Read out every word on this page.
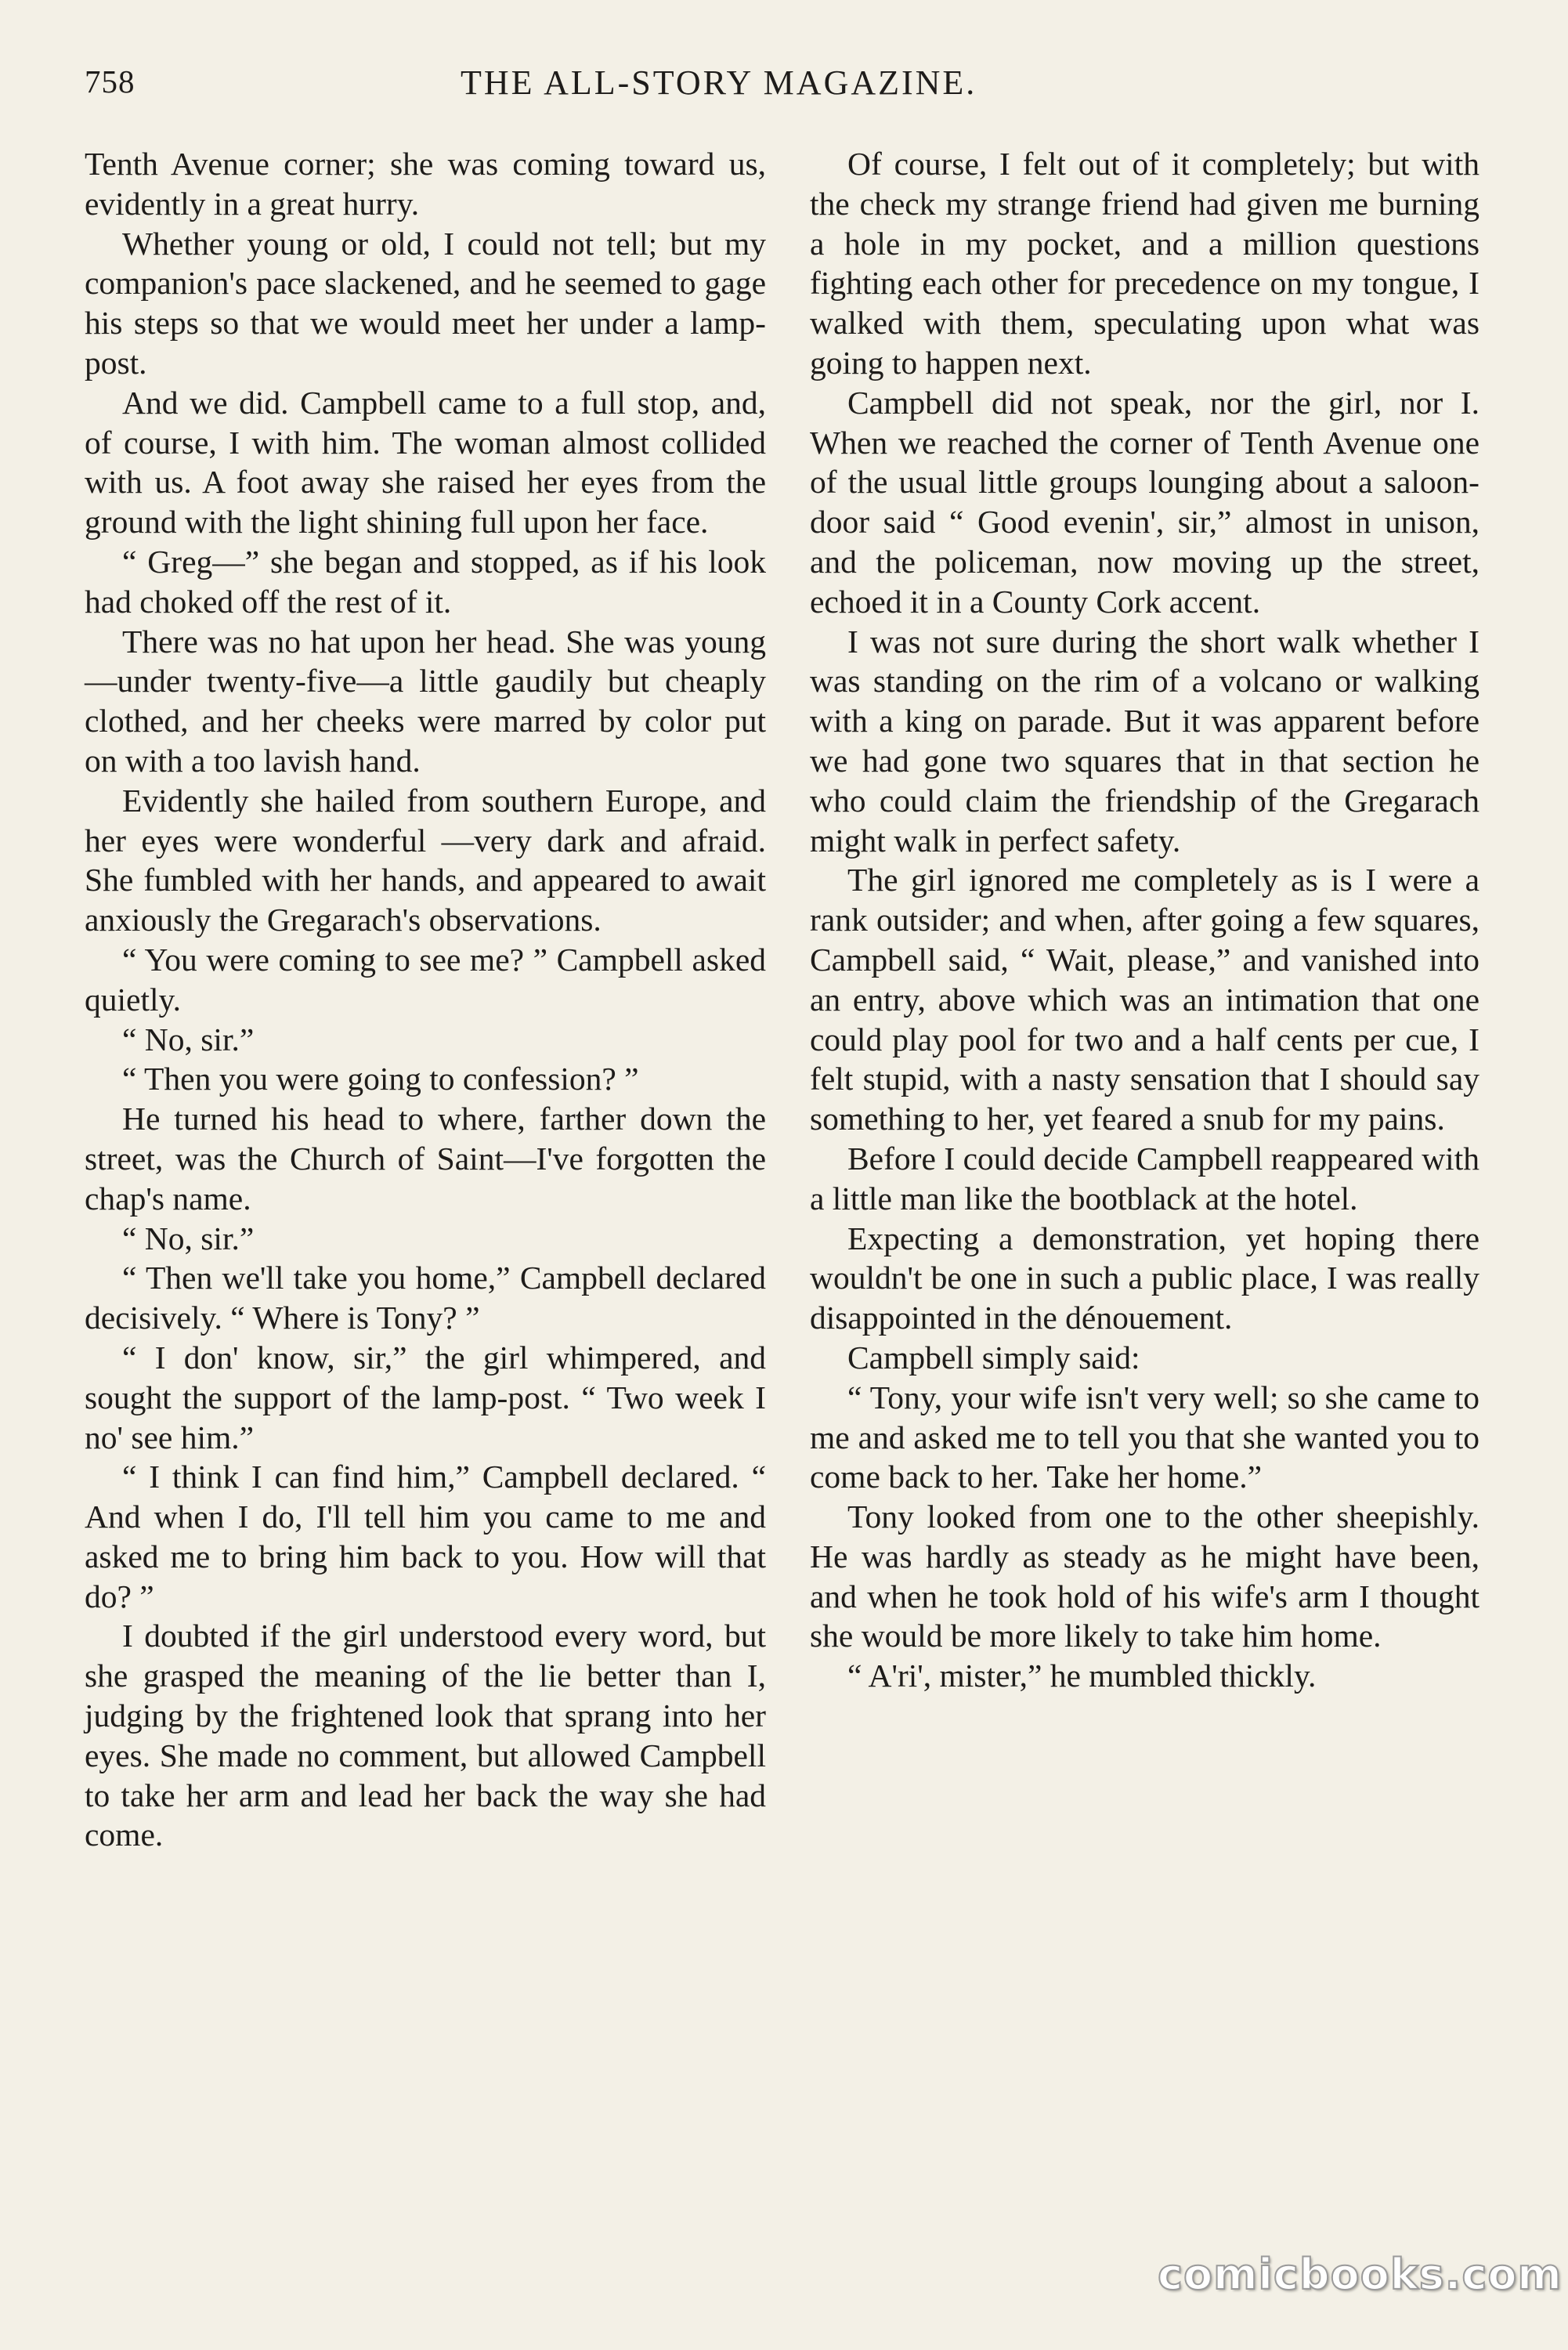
758	THE ALL-STORY MAGAZINE.

Tenth Avenue corner; she was coming toward us, evidently in a great hurry.

Whether young or old, I could not tell; but my companion's pace slackened, and he seemed to gage his steps so that we would meet her under a lamp-post.

And we did. Campbell came to a full stop, and, of course, I with him. The woman almost collided with us. A foot away she raised her eyes from the ground with the light shining full upon her face.

“ Greg—” she began and stopped, as if his look had choked off the rest of it.

There was no hat upon her head. She was young—under twenty-five—a little gaudily but cheaply clothed, and her cheeks were marred by color put on with a too lavish hand.

Evidently she hailed from southern Europe, and her eyes were wonderful —very dark and afraid. She fumbled with her hands, and appeared to await anxiously the Gregarach's observations.

“ You were coming to see me? ” Campbell asked quietly.

“ No, sir.”

“ Then you were going to confession? ”

He turned his head to where, farther down the street, was the Church of Saint—I've forgotten the chap's name.

“ No, sir.”

“ Then we'll take you home,” Campbell declared decisively. “ Where is Tony? ”

“ I don' know, sir,” the girl whimpered, and sought the support of the lamp-post. “ Two week I no' see him.”

“ I think I can find him,” Campbell declared. “ And when I do, I'll tell him you came to me and asked me to bring him back to you. How will that do? ”

I doubted if the girl understood every word, but she grasped the meaning of the lie better than I, judging by the frightened look that sprang into her eyes. She made no comment, but allowed Campbell to take her arm and lead her back the way she had come.

Of course, I felt out of it completely; but with the check my strange friend had given me burning a hole in my pocket, and a million questions fighting each other for precedence on my tongue, I walked with them, speculating upon what was going to happen next.

Campbell did not speak, nor the girl, nor I. When we reached the corner of Tenth Avenue one of the usual little groups lounging about a saloon-door said “ Good evenin', sir,” almost in unison, and the policeman, now moving up the street, echoed it in a County Cork accent.

I was not sure during the short walk whether I was standing on the rim of a volcano or walking with a king on parade. But it was apparent before we had gone two squares that in that section he who could claim the friendship of the Gregarach might walk in perfect safety.

The girl ignored me completely as is I were a rank outsider; and when, after going a few squares, Campbell said, “ Wait, please,” and vanished into an entry, above which was an intimation that one could play pool for two and a half cents per cue, I felt stupid, with a nasty sensation that I should say something to her, yet feared a snub for my pains.

Before I could decide Campbell reappeared with a little man like the bootblack at the hotel.

Expecting a demonstration, yet hoping there wouldn't be one in such a public place, I was really disappointed in the dénouement.

Campbell simply said:

“ Tony, your wife isn't very well; so she came to me and asked me to tell you that she wanted you to come back to her. Take her home.”

Tony looked from one to the other sheepishly. He was hardly as steady as he might have been, and when he took hold of his wife's arm I thought she would be more likely to take him home.

“ A'ri', mister,” he mumbled thickly.

comicbooks.com
